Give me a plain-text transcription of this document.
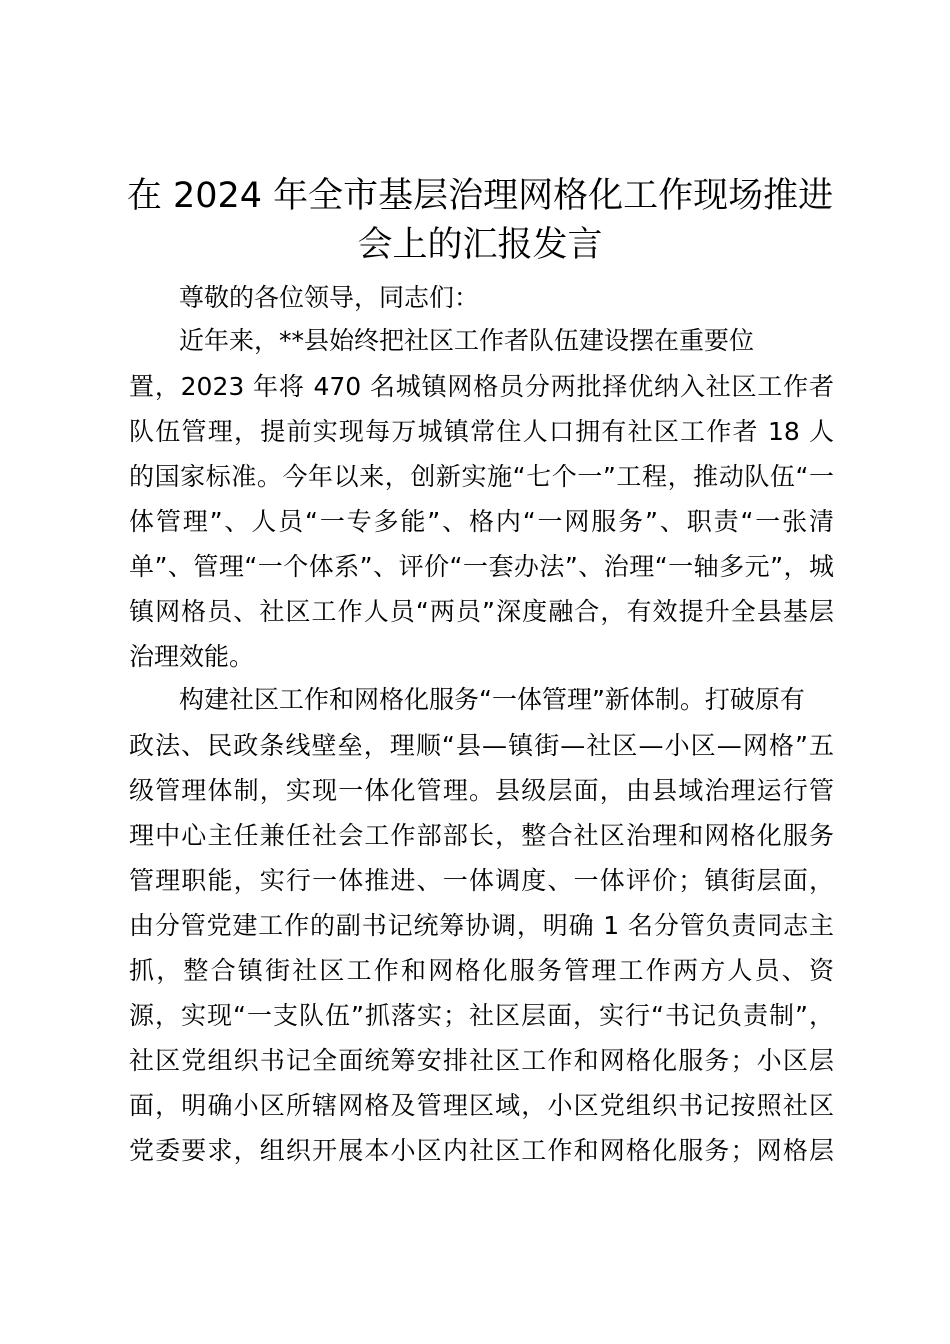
在 2024 年全市基层治理网格化工作现场推进
会上的汇报发言

尊敬的各位领导，同志们：

近年来，**县始终把社区工作者队伍建设摆在重要位

置，2023 年将 470 名城镇网格员分两批择优纳入社区工作者

队伍管理，提前实现每万城镇常住人口拥有社区工作者 18 人

的国家标准。今年以来，创新实施“七个一”工程，推动队伍“一

体管理”、人员“一专多能”、格内“一网服务”、职责“一张清

单”、管理“一个体系”、评价“一套办法”、治理“一轴多元”，城

镇网格员、社区工作人员“两员”深度融合，有效提升全县基层

治理效能。

构建社区工作和网格化服务“一体管理”新体制。打破原有

政法、民政条线壁垒，理顺“县—镇街—社区—小区—网格”五

级管理体制，实现一体化管理。县级层面，由县域治理运行管

理中心主任兼任社会工作部部长，整合社区治理和网格化服务

管理职能，实行一体推进、一体调度、一体评价；镇街层面，

由分管党建工作的副书记统筹协调，明确 1 名分管负责同志主

抓，整合镇街社区工作和网格化服务管理工作两方人员、资

源，实现“一支队伍”抓落实；社区层面，实行“书记负责制”，

社区党组织书记全面统筹安排社区工作和网格化服务；小区层

面，明确小区所辖网格及管理区域，小区党组织书记按照社区

党委要求，组织开展本小区内社区工作和网格化服务；网格层
